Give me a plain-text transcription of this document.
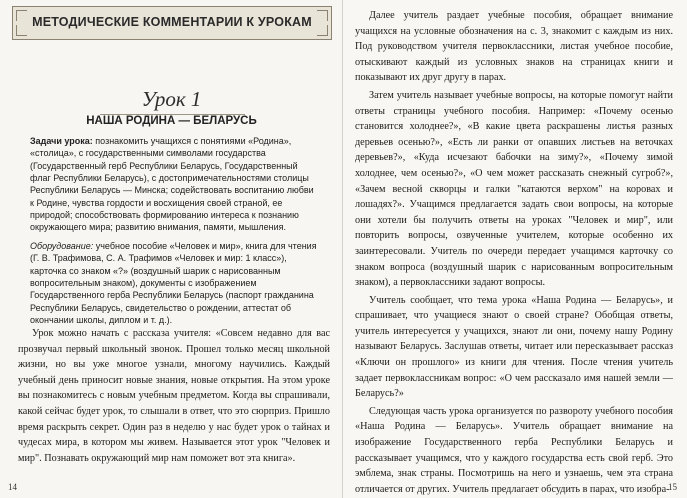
МЕТОДИЧЕСКИЕ КОММЕНТАРИИ К УРОКАМ
Урок 1
НАША РОДИНА — БЕЛАРУСЬ

Задачи урока: познакомить учащихся с понятиями «Родина», «столица», с государственными символами государства (Государственный герб Республики Беларусь, Государственный флаг Республики Беларусь), с достопримечательностями столицы Республики Беларусь — Минска; содействовать воспитанию любви к Родине, чувства гордости и восхищения своей страной, ее природой; способствовать формированию интереса к познанию окружающего мира; развитию внимания, памяти, мышления.

Оборудование: учебное пособие «Человек и мир», книга для чтения (Г. В. Трафимова, С. А. Трафимов «Человек и мир: 1 класс»), карточка со знаком «?» (воздушный шарик с нарисованным вопросительным знаком), документы с изображением Государственного герба Республики Беларусь (паспорт гражданина Республики Беларусь, свидетельство о рождении, аттестат об окончании школы, диплом и т. д.).

Урок можно начать с рассказа учителя: «Совсем недавно для вас прозвучал первый школьный звонок. Прошел только месяц школьной жизни, но вы уже многое узнали, многому научились. Каждый учебный день приносит новые знания, новые открытия. На этом уроке вы познакомитесь с новым учебным предметом. Когда вы спрашивали, какой сейчас будет урок, то слышали в ответ, что это сюрприз. Пришло время раскрыть секрет. Один раз в неделю у нас будет урок о тайнах и чудесах мира, в котором мы живем. Называется этот урок "Человек и мир". Познавать окружающий мир нам поможет вот эта книга».

14

Далее учитель раздает учебные пособия, обращает внимание учащихся на условные обозначения на с. 3, знакомит с каждым из них. Под руководством учителя первоклассники, листая учебное пособие, отыскивают каждый из условных знаков на страницах книги и показывают их друг другу в парах.

Затем учитель называет учебные вопросы, на которые помогут найти ответы страницы учебного пособия. Например: «Почему осенью становится холоднее?», «В какие цвета раскрашены листья разных деревьев осенью?», «Есть ли ранки от опавших листьев на веточках деревьев?», «Куда исчезают бабочки на зиму?», «Почему зимой холоднее, чем осенью?», «О чем может рассказать снежный сугроб?», «Зачем весной скворцы и галки "катаются верхом" на коровах и лошадях?». Учащимся предлагается задать свои вопросы, на которые они хотели бы получить ответы на уроках "Человек и мир", или повторить вопросы, озвученные учителем, которые особенно их заинтересовали. Учитель по очереди передает учащимся карточку со знаком вопроса (воздушный шарик с нарисованным вопросительным знаком), а первоклассники задают вопросы.

Учитель сообщает, что тема урока «Наша Родина — Беларусь», и спрашивает, что учащиеся знают о своей стране? Обобщая ответы, учитель интересуется у учащихся, знают ли они, почему нашу Родину называют Беларусь. Заслушав ответы, читает или пересказывает рассказ «Ключи он прошлого» из книги для чтения. После чтения учитель задает первоклассникам вопрос: «О чем рассказало имя нашей земли — Беларусь?»

Следующая часть урока организуется по развороту учебного пособия «Наша Родина — Беларусь». Учитель обращает внимание на изображение Государственного герба Республики Беларусь и рассказывает учащимся, что у каждого государства есть свой герб. Это эмблема, знак страны. Посмотришь на него и узнаешь, чем эта страна отличается от других. Учитель предлагает обсудить в парах, что изобра-

15
